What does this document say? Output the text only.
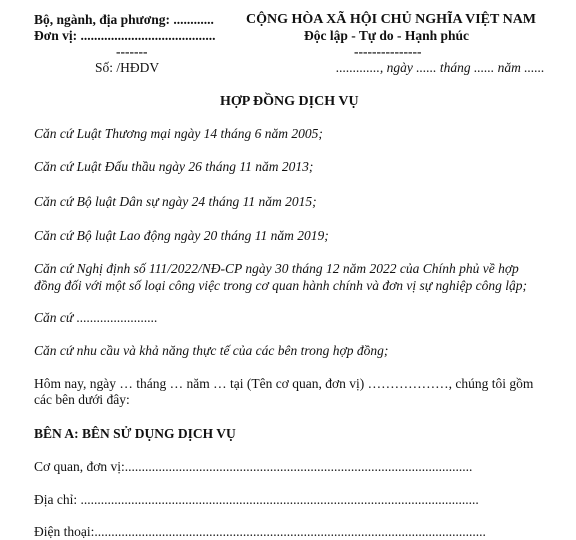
Bộ, ngành, địa phương: ............
Đơn vị: ........................................
-------
Số: /HĐDV
CỘNG HÒA XÃ HỘI CHỦ NGHĨA VIỆT NAM
Độc lập - Tự do - Hạnh phúc
---------------
............., ngày ...... tháng ...... năm ......
HỢP ĐỒNG DỊCH VỤ
Căn cứ Luật Thương mại ngày 14 tháng 6 năm 2005;
Căn cứ Luật Đấu thầu ngày 26 tháng 11 năm 2013;
Căn cứ Bộ luật Dân sự ngày 24 tháng 11 năm 2015;
Căn cứ Bộ luật Lao động ngày 20 tháng 11 năm 2019;
Căn cứ Nghị định số 111/2022/NĐ-CP ngày 30 tháng 12 năm 2022 của Chính phủ về hợp
đồng đối với một số loại công việc trong cơ quan hành chính và đơn vị sự nghiệp công lập;
Căn cứ ........................
Căn cứ nhu cầu và khả năng thực tế của các bên trong hợp đồng;
Hôm nay, ngày … tháng … năm … tại (Tên cơ quan, đơn vị) ………………, chúng tôi gồm
các bên dưới đây:
BÊN A: BÊN SỬ DỤNG DỊCH VỤ
Cơ quan, đơn vị:.......................................................................................................
Địa chỉ: ......................................................................................................................
Điện thoại:....................................................................................................................
